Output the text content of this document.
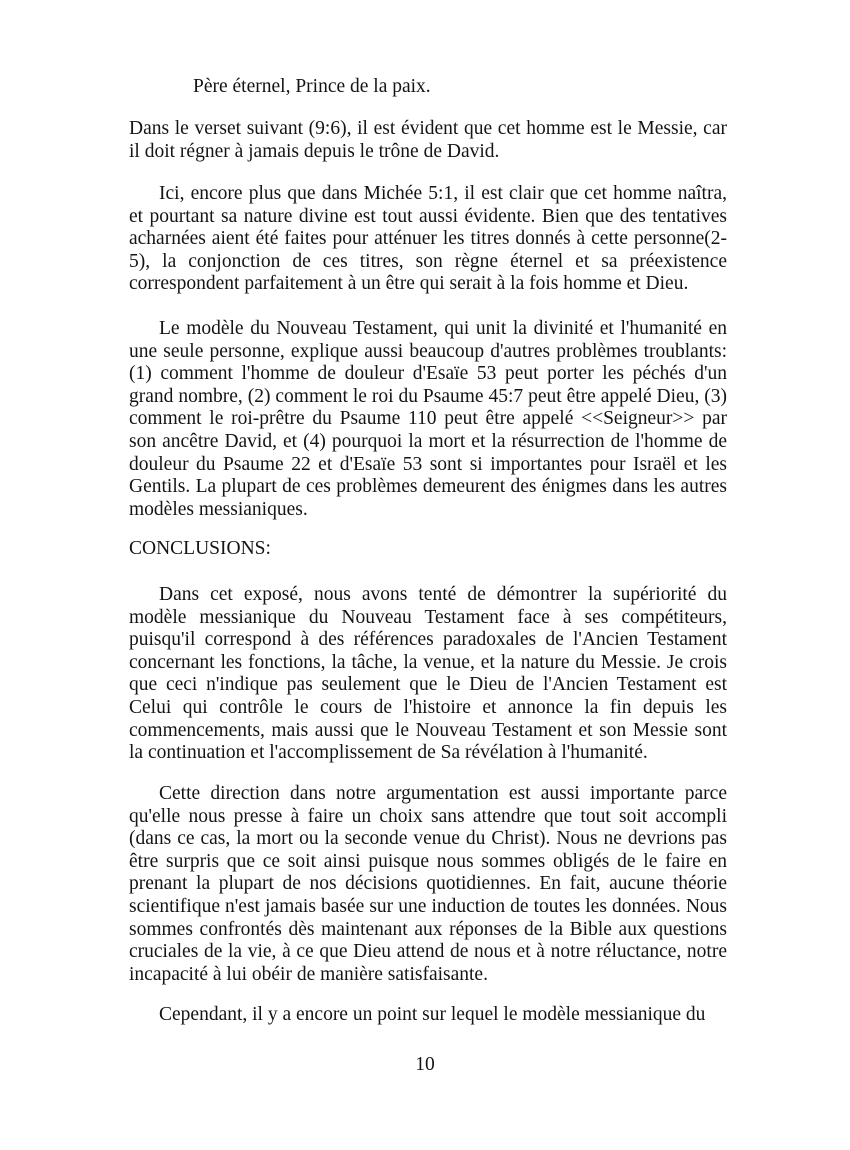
Père éternel, Prince de la paix.

Dans le verset suivant (9:6), il est évident que cet homme est le Messie, car il doit régner à jamais depuis le trône de David.

Ici, encore plus que dans Michée 5:1, il est clair que cet homme naîtra, et pourtant sa nature divine est tout aussi évidente. Bien que des tentatives acharnées aient été faites pour atténuer les titres donnés à cette personne(2-5), la conjonction de ces titres, son règne éternel et sa préexistence correspondent parfaitement à un être qui serait à la fois homme et Dieu.

Le modèle du Nouveau Testament, qui unit la divinité et l'humanité en une seule personne, explique aussi beaucoup d'autres problèmes troublants: (1) comment l'homme de douleur d'Esaïe 53 peut porter les péchés d'un grand nombre, (2) comment le roi du Psaume 45:7 peut être appelé Dieu, (3) comment le roi-prêtre du Psaume 110 peut être appelé <<Seigneur>> par son ancêtre David, et (4) pourquoi la mort et la résurrection de l'homme de douleur du Psaume 22 et d'Esaïe 53 sont si importantes pour Israël et les Gentils. La plupart de ces problèmes demeurent des énigmes dans les autres modèles messianiques.

CONCLUSIONS:

Dans cet exposé, nous avons tenté de démontrer la supériorité du modèle messianique du Nouveau Testament face à ses compétiteurs, puisqu'il correspond à des références paradoxales de l'Ancien Testament concernant les fonctions, la tâche, la venue, et la nature du Messie. Je crois que ceci n'indique pas seulement que le Dieu de l'Ancien Testament est Celui qui contrôle le cours de l'histoire et annonce la fin depuis les commencements, mais aussi que le Nouveau Testament et son Messie sont la continuation et l'accomplissement de Sa révélation à l'humanité.

Cette direction dans notre argumentation est aussi importante parce qu'elle nous presse à faire un choix sans attendre que tout soit accompli (dans ce cas, la mort ou la seconde venue du Christ). Nous ne devrions pas être surpris que ce soit ainsi puisque nous sommes obligés de le faire en prenant la plupart de nos décisions quotidiennes. En fait, aucune théorie scientifique n'est jamais basée sur une induction de toutes les données. Nous sommes confrontés dès maintenant aux réponses de la Bible aux questions cruciales de la vie, à ce que Dieu attend de nous et à notre réluctance, notre incapacité à lui obéir de manière satisfaisante.

Cependant, il y a encore un point sur lequel le modèle messianique du

10
